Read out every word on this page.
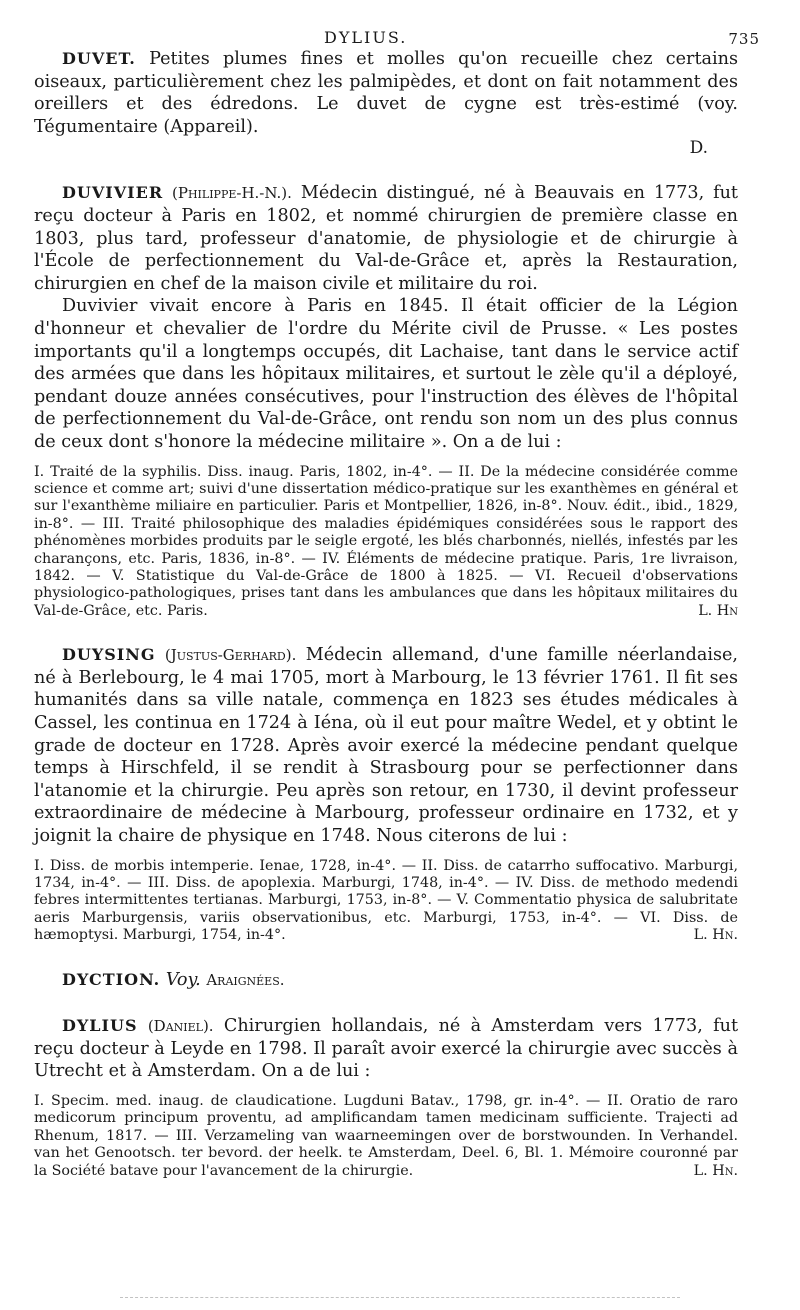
DYLIUS.	735

DUVET. Petites plumes fines et molles qu'on recueille chez certains oiseaux, particulièrement chez les palmipèdes, et dont on fait notamment des oreillers et des édredons. Le duvet de cygne est très-estimé (voy. Tégumentaire (Appareil).

D.

DUVIVIER (Philippe-H.-N.). Médecin distingué, né à Beauvais en 1773, fut reçu docteur à Paris en 1802, et nommé chirurgien de première classe en 1803, plus tard, professeur d'anatomie, de physiologie et de chirurgie à l'École de perfectionnement du Val-de-Grâce et, après la Restauration, chirurgien en chef de la maison civile et militaire du roi.

Duvivier vivait encore à Paris en 1845. Il était officier de la Légion d'honneur et chevalier de l'ordre du Mérite civil de Prusse. « Les postes importants qu'il a longtemps occupés, dit Lachaise, tant dans le service actif des armées que dans les hôpitaux militaires, et surtout le zèle qu'il a déployé, pendant douze années consécutives, pour l'instruction des élèves de l'hôpital de perfectionnement du Val-de-Grâce, ont rendu son nom un des plus connus de ceux dont s'honore la médecine militaire ». On a de lui :

I. Traité de la syphilis. Diss. inaug. Paris, 1802, in-4°. — II. De la médecine considérée comme science et comme art; suivi d'une dissertation médico-pratique sur les exanthèmes en général et sur l'exanthème miliaire en particulier. Paris et Montpellier, 1826, in-8°. Nouv. édit., ibid., 1829, in-8°. — III. Traité philosophique des maladies épidémiques considérées sous le rapport des phénomènes morbides produits par le seigle ergoté, les blés charbonnés, niellés, infestés par les charançons, etc. Paris, 1836, in-8°. — IV. Éléments de médecine pratique. Paris, 1re livraison, 1842. — V. Statistique du Val-de-Grâce de 1800 à 1825. — VI. Recueil d'observations physiologico-pathologiques, prises tant dans les ambulances que dans les hôpitaux militaires du Val-de-Grâce, etc. Paris.	L. Hn

DUYSING (Justus-Gerhard). Médecin allemand, d'une famille néerlandaise, né à Berlebourg, le 4 mai 1705, mort à Marbourg, le 13 février 1761. Il fit ses humanités dans sa ville natale, commença en 1823 ses études médicales à Cassel, les continua en 1724 à Iéna, où il eut pour maître Wedel, et y obtint le grade de docteur en 1728. Après avoir exercé la médecine pendant quelque temps à Hirschfeld, il se rendit à Strasbourg pour se perfectionner dans l'atanomie et la chirurgie. Peu après son retour, en 1730, il devint professeur extraordinaire de médecine à Marbourg, professeur ordinaire en 1732, et y joignit la chaire de physique en 1748. Nous citerons de lui :

I. Diss. de morbis intemperie. Ienae, 1728, in-4°. — II. Diss. de catarrho suffocativo. Marburgi, 1734, in-4°. — III. Diss. de apoplexia. Marburgi, 1748, in-4°. — IV. Diss. de methodo medendi febres intermittentes tertianas. Marburgi, 1753, in-8°. — V. Commentatio physica de salubritate aeris Marburgensis, variis observationibus, etc. Marburgi, 1753, in-4°. — VI. Diss. de hæmoptysi. Marburgi, 1754, in-4°.	L. Hn.

DYCTION. Voy. Araignées.

DYLIUS (Daniel). Chirurgien hollandais, né à Amsterdam vers 1773, fut reçu docteur à Leyde en 1798. Il paraît avoir exercé la chirurgie avec succès à Utrecht et à Amsterdam. On a de lui :

I. Specim. med. inaug. de claudicatione. Lugduni Batav., 1798, gr. in-4°. — II. Oratio de raro medicorum principum proventu, ad amplificandam tamen medicinam sufficiente. Trajecti ad Rhenum, 1817. — III. Verzameling van waarneemingen over de borstwounden. In Verhandel. van het Genootsch. ter bevord. der heelk. te Amsterdam, Deel. 6, Bl. 1. Mémoire couronné par la Société batave pour l'avancement de la chirurgie.	L. Hn.
